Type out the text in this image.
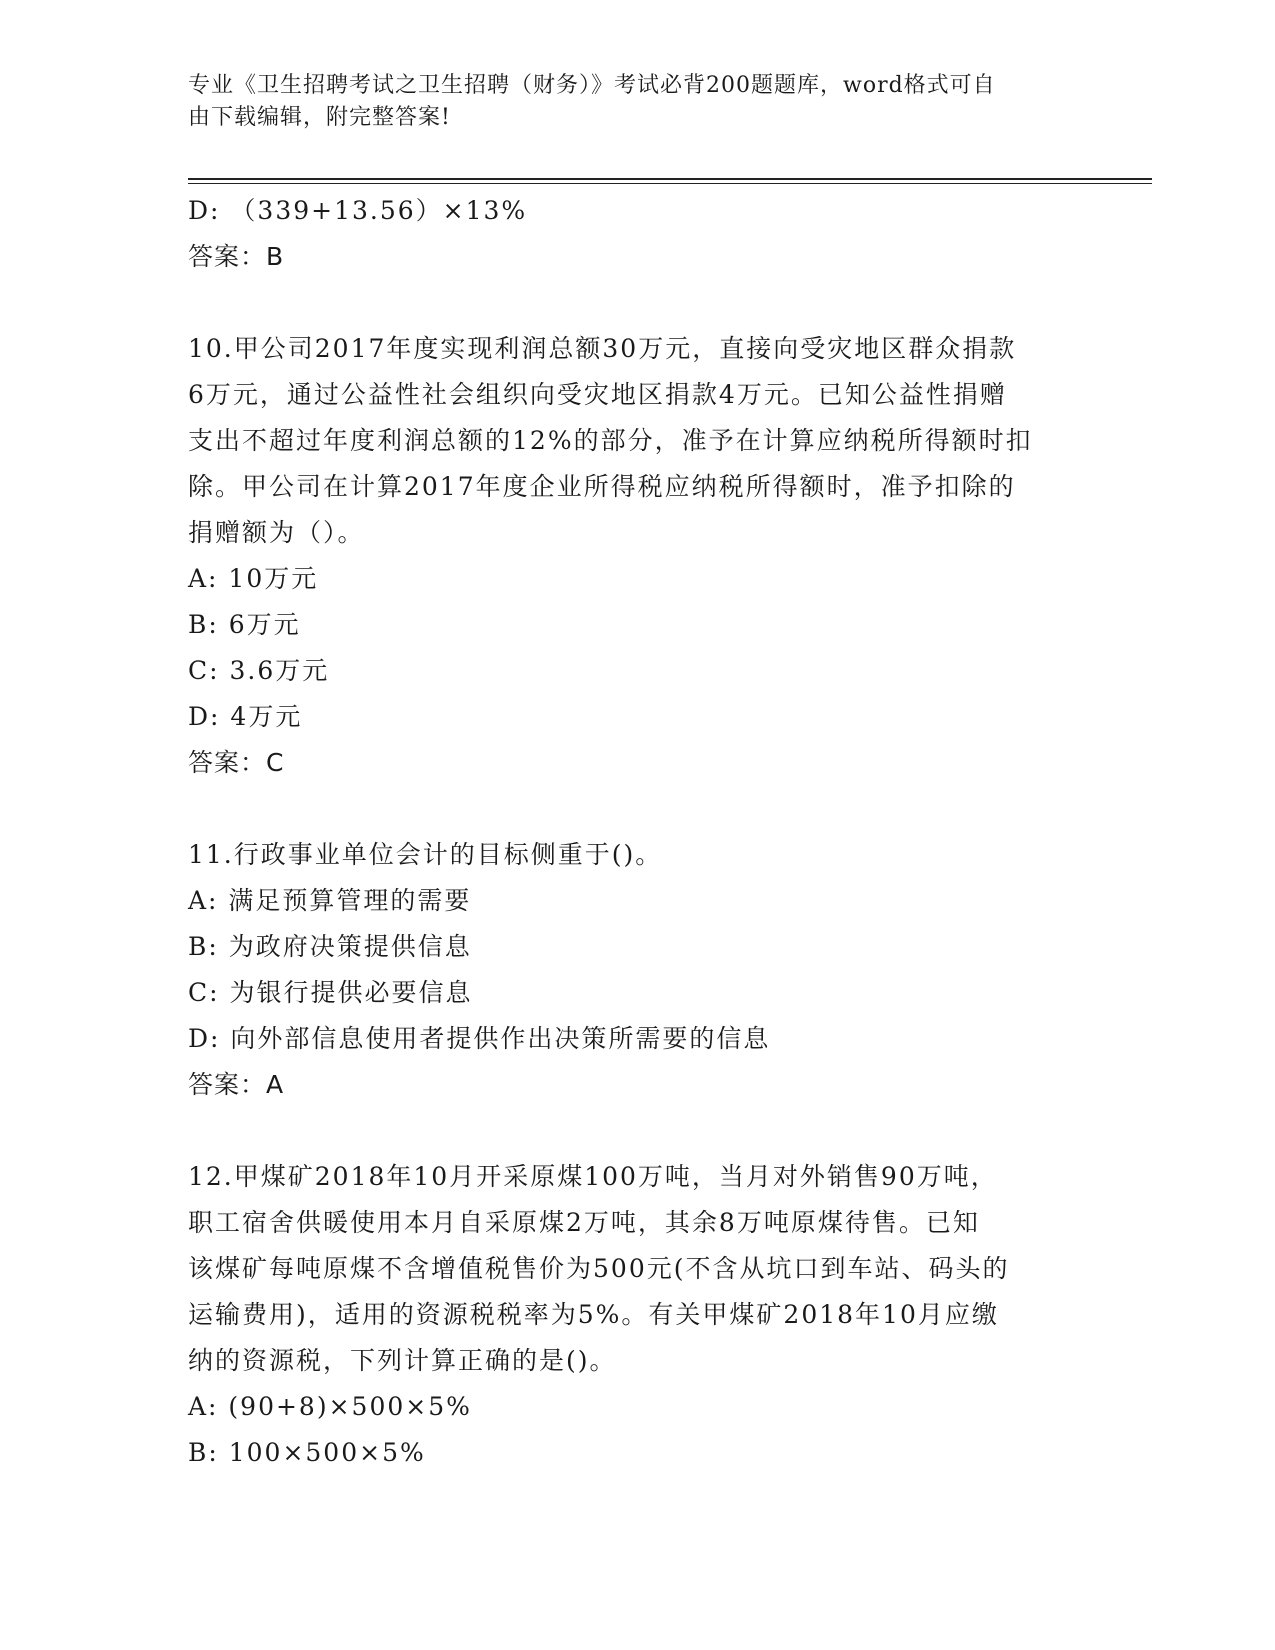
专业《卫生招聘考试之卫生招聘（财务）》考试必背200题题库，word格式可自
由下载编辑，附完整答案!
D: （339+13.56）×13%
答案：B
10.甲公司2017年度实现利润总额30万元，直接向受灾地区群众捐款
6万元，通过公益性社会组织向受灾地区捐款4万元。已知公益性捐赠
支出不超过年度利润总额的12%的部分，准予在计算应纳税所得额时扣
除。甲公司在计算2017年度企业所得税应纳税所得额时，准予扣除的
捐赠额为（）。
A: 10万元
B: 6万元
C: 3.6万元
D: 4万元
答案：C
11.行政事业单位会计的目标侧重于()。
A: 满足预算管理的需要
B: 为政府决策提供信息
C: 为银行提供必要信息
D: 向外部信息使用者提供作出决策所需要的信息
答案：A
12.甲煤矿2018年10月开采原煤100万吨，当月对外销售90万吨，
职工宿舍供暖使用本月自采原煤2万吨，其余8万吨原煤待售。已知
该煤矿每吨原煤不含增值税售价为500元(不含从坑口到车站、码头的
运输费用)，适用的资源税税率为5%。有关甲煤矿2018年10月应缴
纳的资源税，下列计算正确的是()。
A: (90+8)×500×5%
B: 100×500×5%
